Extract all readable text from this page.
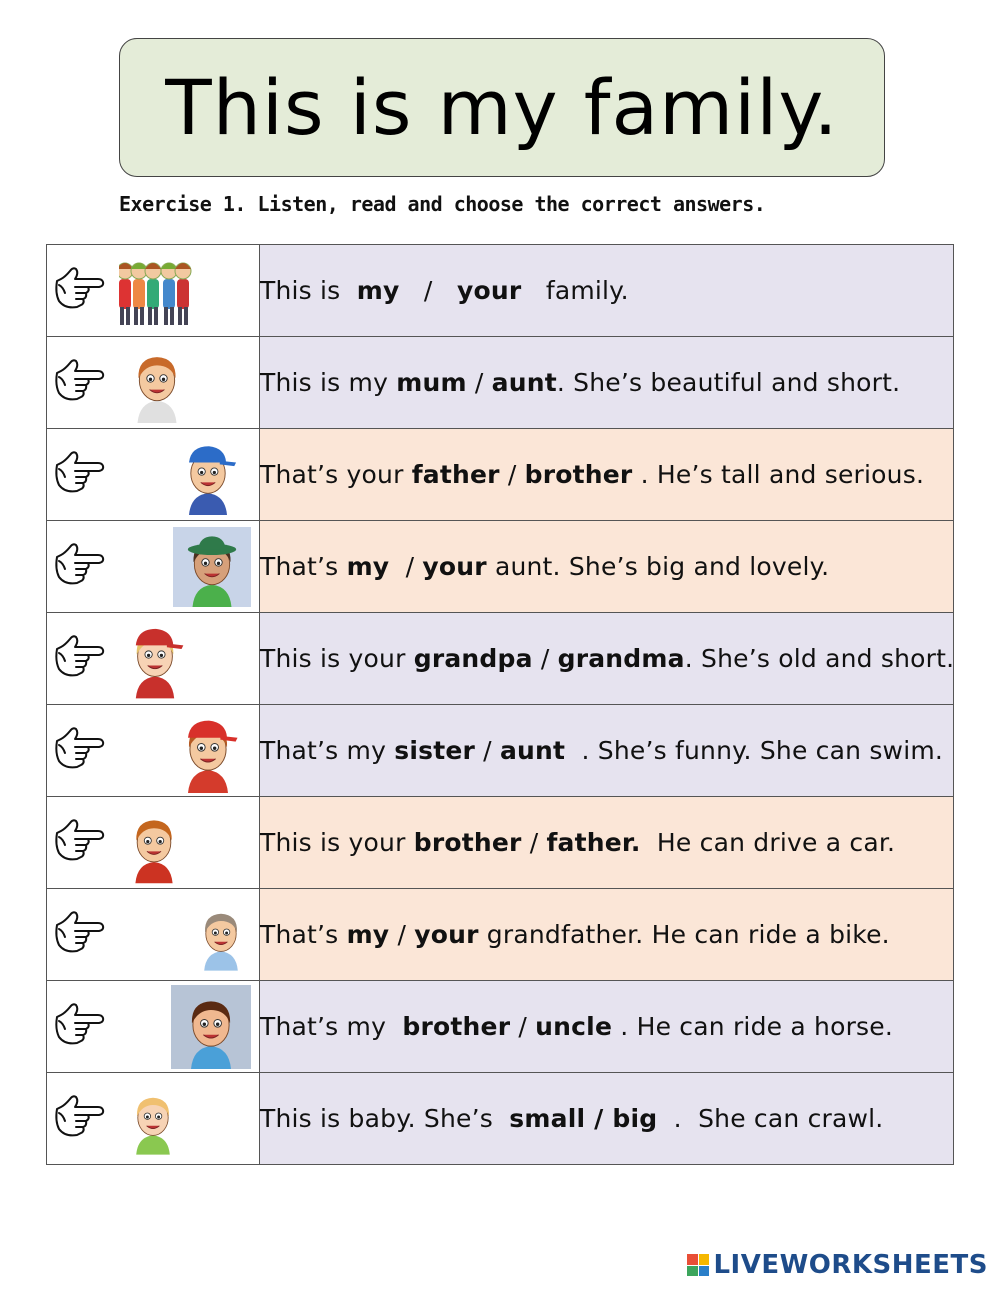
This is my family.
Exercise 1. Listen, read and choose the correct answers.
	This is  my   /   your   family.

	This is my mum / aunt. She’s beautiful and short.

	That’s your father / brother . He’s tall and serious.

	That’s my  / your aunt. She’s big and lovely.

	This is your grandpa / grandma. She’s old and short.

	That’s my sister / aunt  . She’s funny. She can swim.

	This is your brother / father.  He can drive a car.

	That’s my / your grandfather. He can ride a bike.

	That’s my  brother / uncle . He can ride a horse.

	This is baby. She’s  small / big  .  She can crawl.
LIVEWORKSHEETS
